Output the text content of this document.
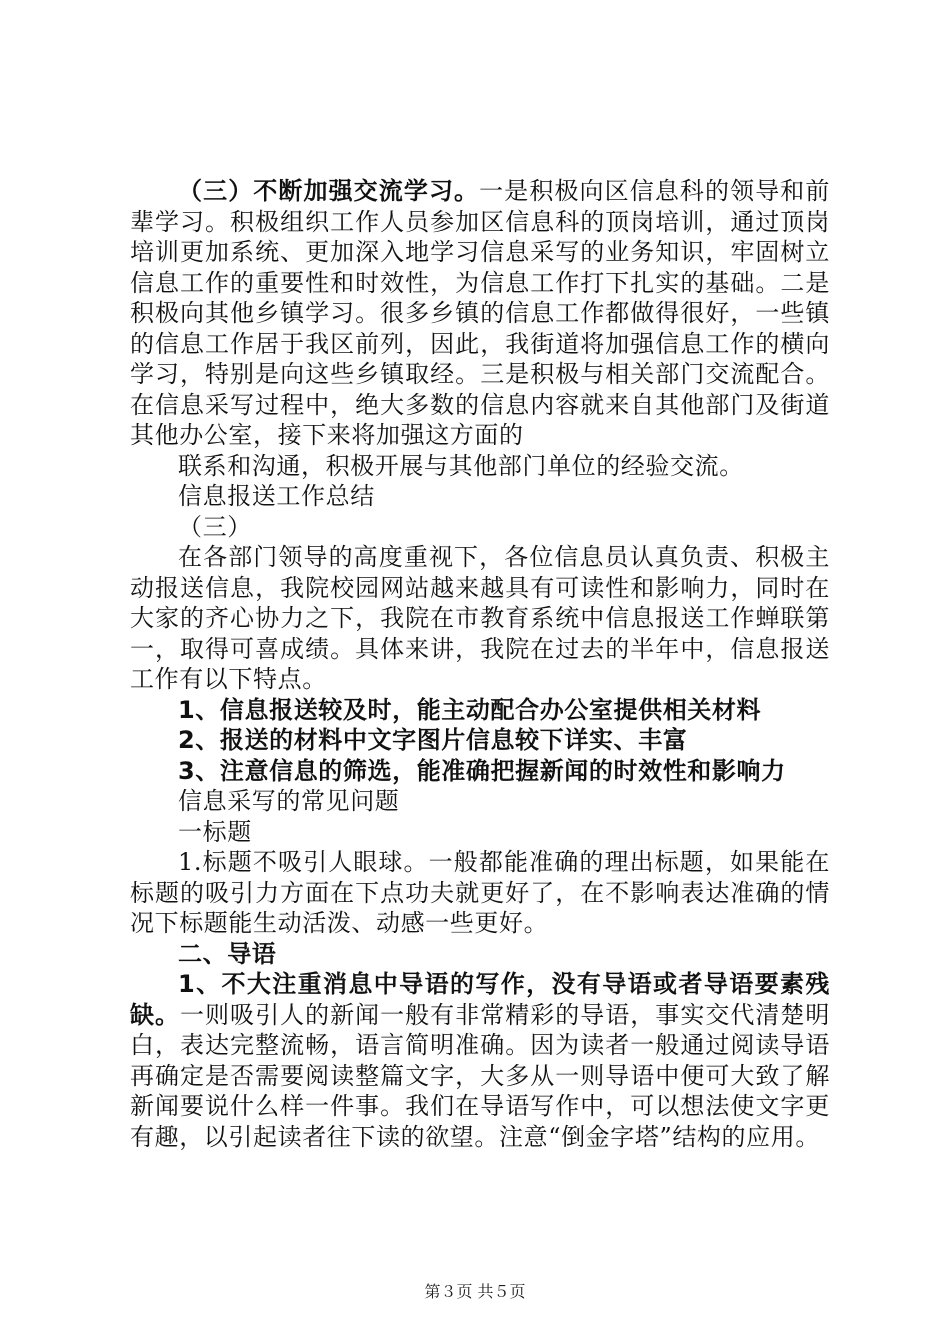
（三）不断加强交流学习。一是积极向区信息科的领导和前辈学习。积极组织工作人员参加区信息科的顶岗培训，通过顶岗培训更加系统、更加深入地学习信息采写的业务知识，牢固树立信息工作的重要性和时效性，为信息工作打下扎实的基础。二是积极向其他乡镇学习。很多乡镇的信息工作都做得很好，一些镇的信息工作居于我区前列，因此，我街道将加强信息工作的横向学习，特别是向这些乡镇取经。三是积极与相关部门交流配合。在信息采写过程中，绝大多数的信息内容就来自其他部门及街道其他办公室，接下来将加强这方面的

联系和沟通，积极开展与其他部门单位的经验交流。

信息报送工作总结

（三）

在各部门领导的高度重视下，各位信息员认真负责、积极主动报送信息，我院校园网站越来越具有可读性和影响力，同时在大家的齐心协力之下，我院在市教育系统中信息报送工作蝉联第一，取得可喜成绩。具体来讲，我院在过去的半年中，信息报送工作有以下特点。

1、信息报送较及时，能主动配合办公室提供相关材料

2、报送的材料中文字图片信息较下详实、丰富

3、注意信息的筛选，能准确把握新闻的时效性和影响力

信息采写的常见问题

一标题

1.标题不吸引人眼球。一般都能准确的理出标题，如果能在标题的吸引力方面在下点功夫就更好了，在不影响表达准确的情况下标题能生动活泼、动感一些更好。

二、导语

1、不大注重消息中导语的写作，没有导语或者导语要素残缺。一则吸引人的新闻一般有非常精彩的导语，事实交代清楚明白，表达完整流畅，语言简明准确。因为读者一般通过阅读导语再确定是否需要阅读整篇文字，大多从一则导语中便可大致了解新闻要说什么样一件事。我们在导语写作中，可以想法使文字更有趣，以引起读者往下读的欲望。注意“倒金字塔”结构的应用。

第３页 共５页
